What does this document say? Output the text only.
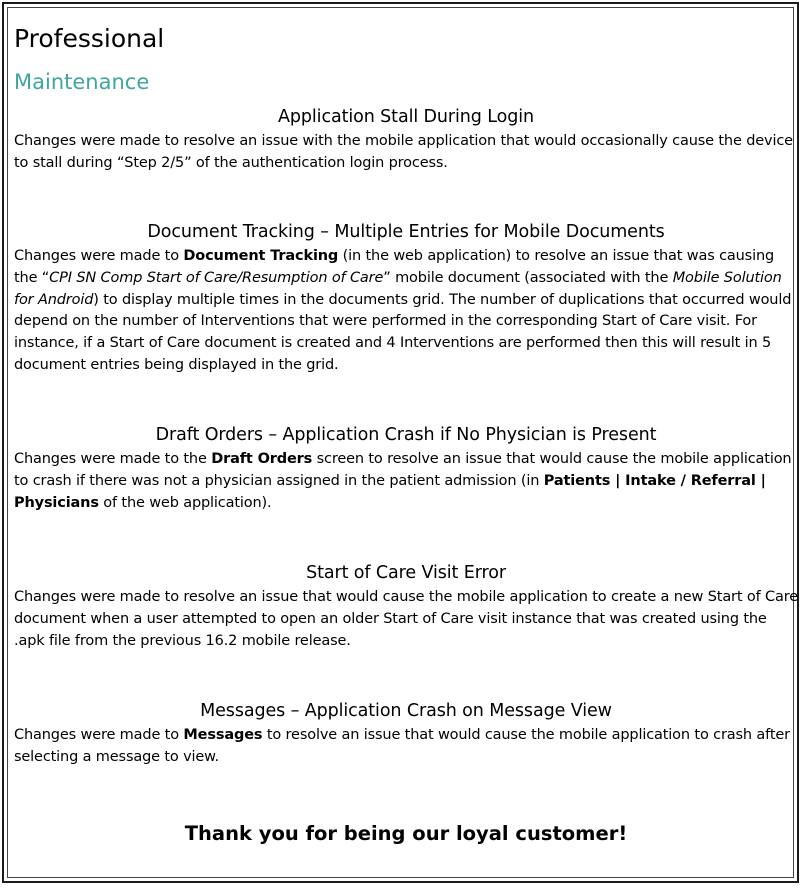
Professional
Maintenance
Application Stall During Login

Changes were made to resolve an issue with the mobile application that would occasionally cause the device to stall during “Step 2/5” of the authentication login process.

Document Tracking – Multiple Entries for Mobile Documents

Changes were made to Document Tracking (in the web application) to resolve an issue that was causing the “CPI SN Comp Start of Care/Resumption of Care” mobile document (associated with the Mobile Solution for Android) to display multiple times in the documents grid. The number of duplications that occurred would depend on the number of Interventions that were performed in the corresponding Start of Care visit. For instance, if a Start of Care document is created and 4 Interventions are performed then this will result in 5 document entries being displayed in the grid.

Draft Orders – Application Crash if No Physician is Present

Changes were made to the Draft Orders screen to resolve an issue that would cause the mobile application to crash if there was not a physician assigned in the patient admission (in Patients | Intake / Referral | Physicians of the web application).

Start of Care Visit Error

Changes were made to resolve an issue that would cause the mobile application to create a new Start of Care document when a user attempted to open an older Start of Care visit instance that was created using the .apk file from the previous 16.2 mobile release.

Messages – Application Crash on Message View

Changes were made to Messages to resolve an issue that would cause the mobile application to crash after selecting a message to view.

Thank you for being our loyal customer!
